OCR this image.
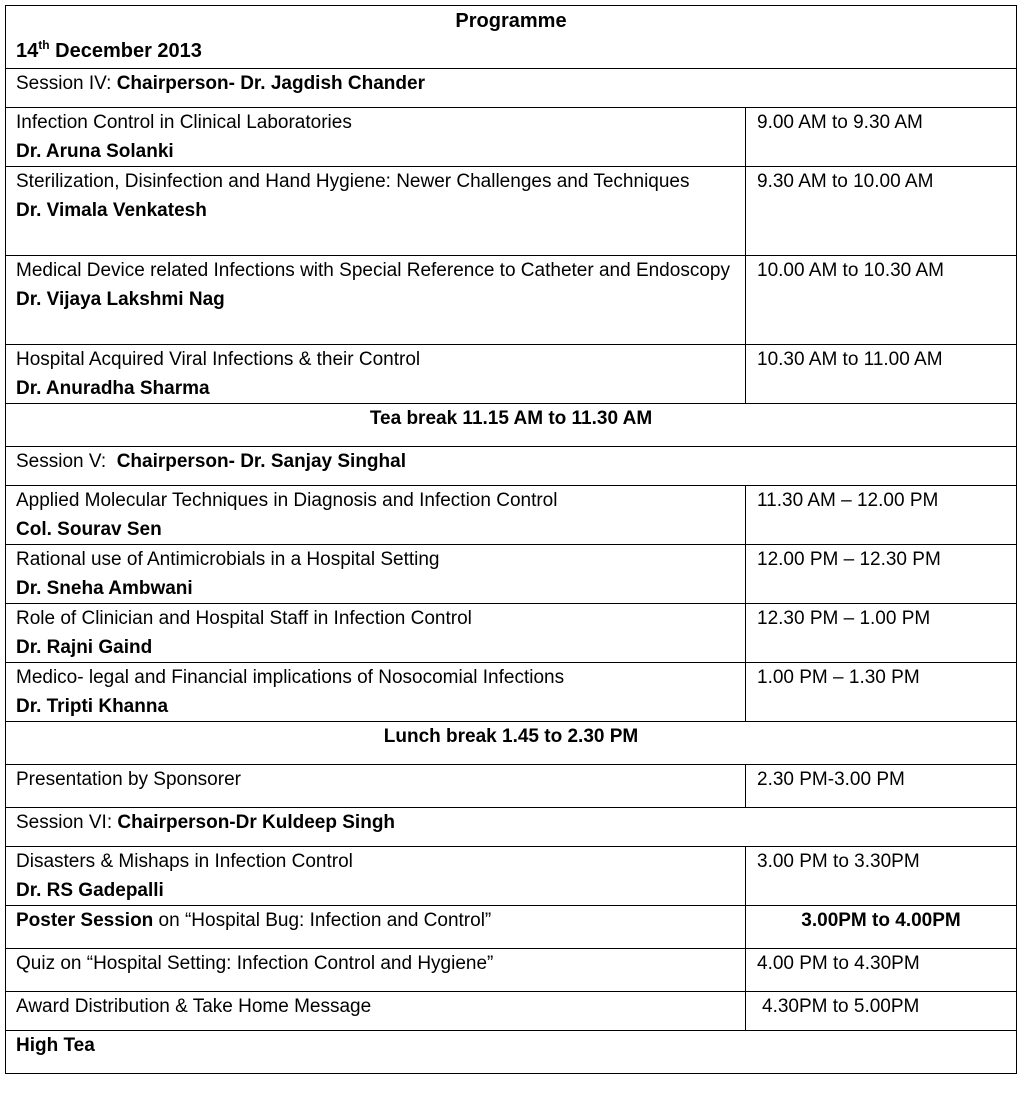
Programme
14th December 2013	

Session IV: Chairperson- Dr. Jagdish Chander	

Infection Control in Clinical Laboratories
Dr. Aruna Solanki	9.00 AM to 9.30 AM

Sterilization, Disinfection and Hand Hygiene: Newer Challenges and Techniques
Dr. Vimala Venkatesh	9.30 AM to 10.00 AM

Medical Device related Infections with Special Reference to Catheter and Endoscopy
Dr. Vijaya Lakshmi Nag	10.00 AM to 10.30 AM

Hospital Acquired Viral Infections & their Control
Dr. Anuradha Sharma	10.30 AM to 11.00 AM
Tea break 11.15 AM to 11.30 AM	
Session V:  Chairperson- Dr. Sanjay Singhal	

Applied Molecular Techniques in Diagnosis and Infection Control
Col. Sourav Sen	11.30 AM – 12.00 PM

Rational use of Antimicrobials in a Hospital Setting
Dr. Sneha Ambwani	12.00 PM – 12.30 PM

Role of Clinician and Hospital Staff in Infection Control
Dr. Rajni Gaind	12.30 PM – 1.00 PM

Medico- legal and Financial implications of Nosocomial Infections
Dr. Tripti Khanna	1.00 PM – 1.30 PM
Lunch break 1.45 to 2.30 PM	
Presentation by Sponsorer	2.30 PM-3.00 PM
Session VI: Chairperson-Dr Kuldeep Singh	

Disasters & Mishaps in Infection Control
Dr. RS Gadepalli	3.00 PM to 3.30PM
Poster Session on “Hospital Bug: Infection and Control”	3.00PM to 4.00PM
Quiz on “Hospital Setting: Infection Control and Hygiene”	4.00 PM to 4.30PM
Award Distribution & Take Home Message	4.30PM to 5.00PM
High Tea	
